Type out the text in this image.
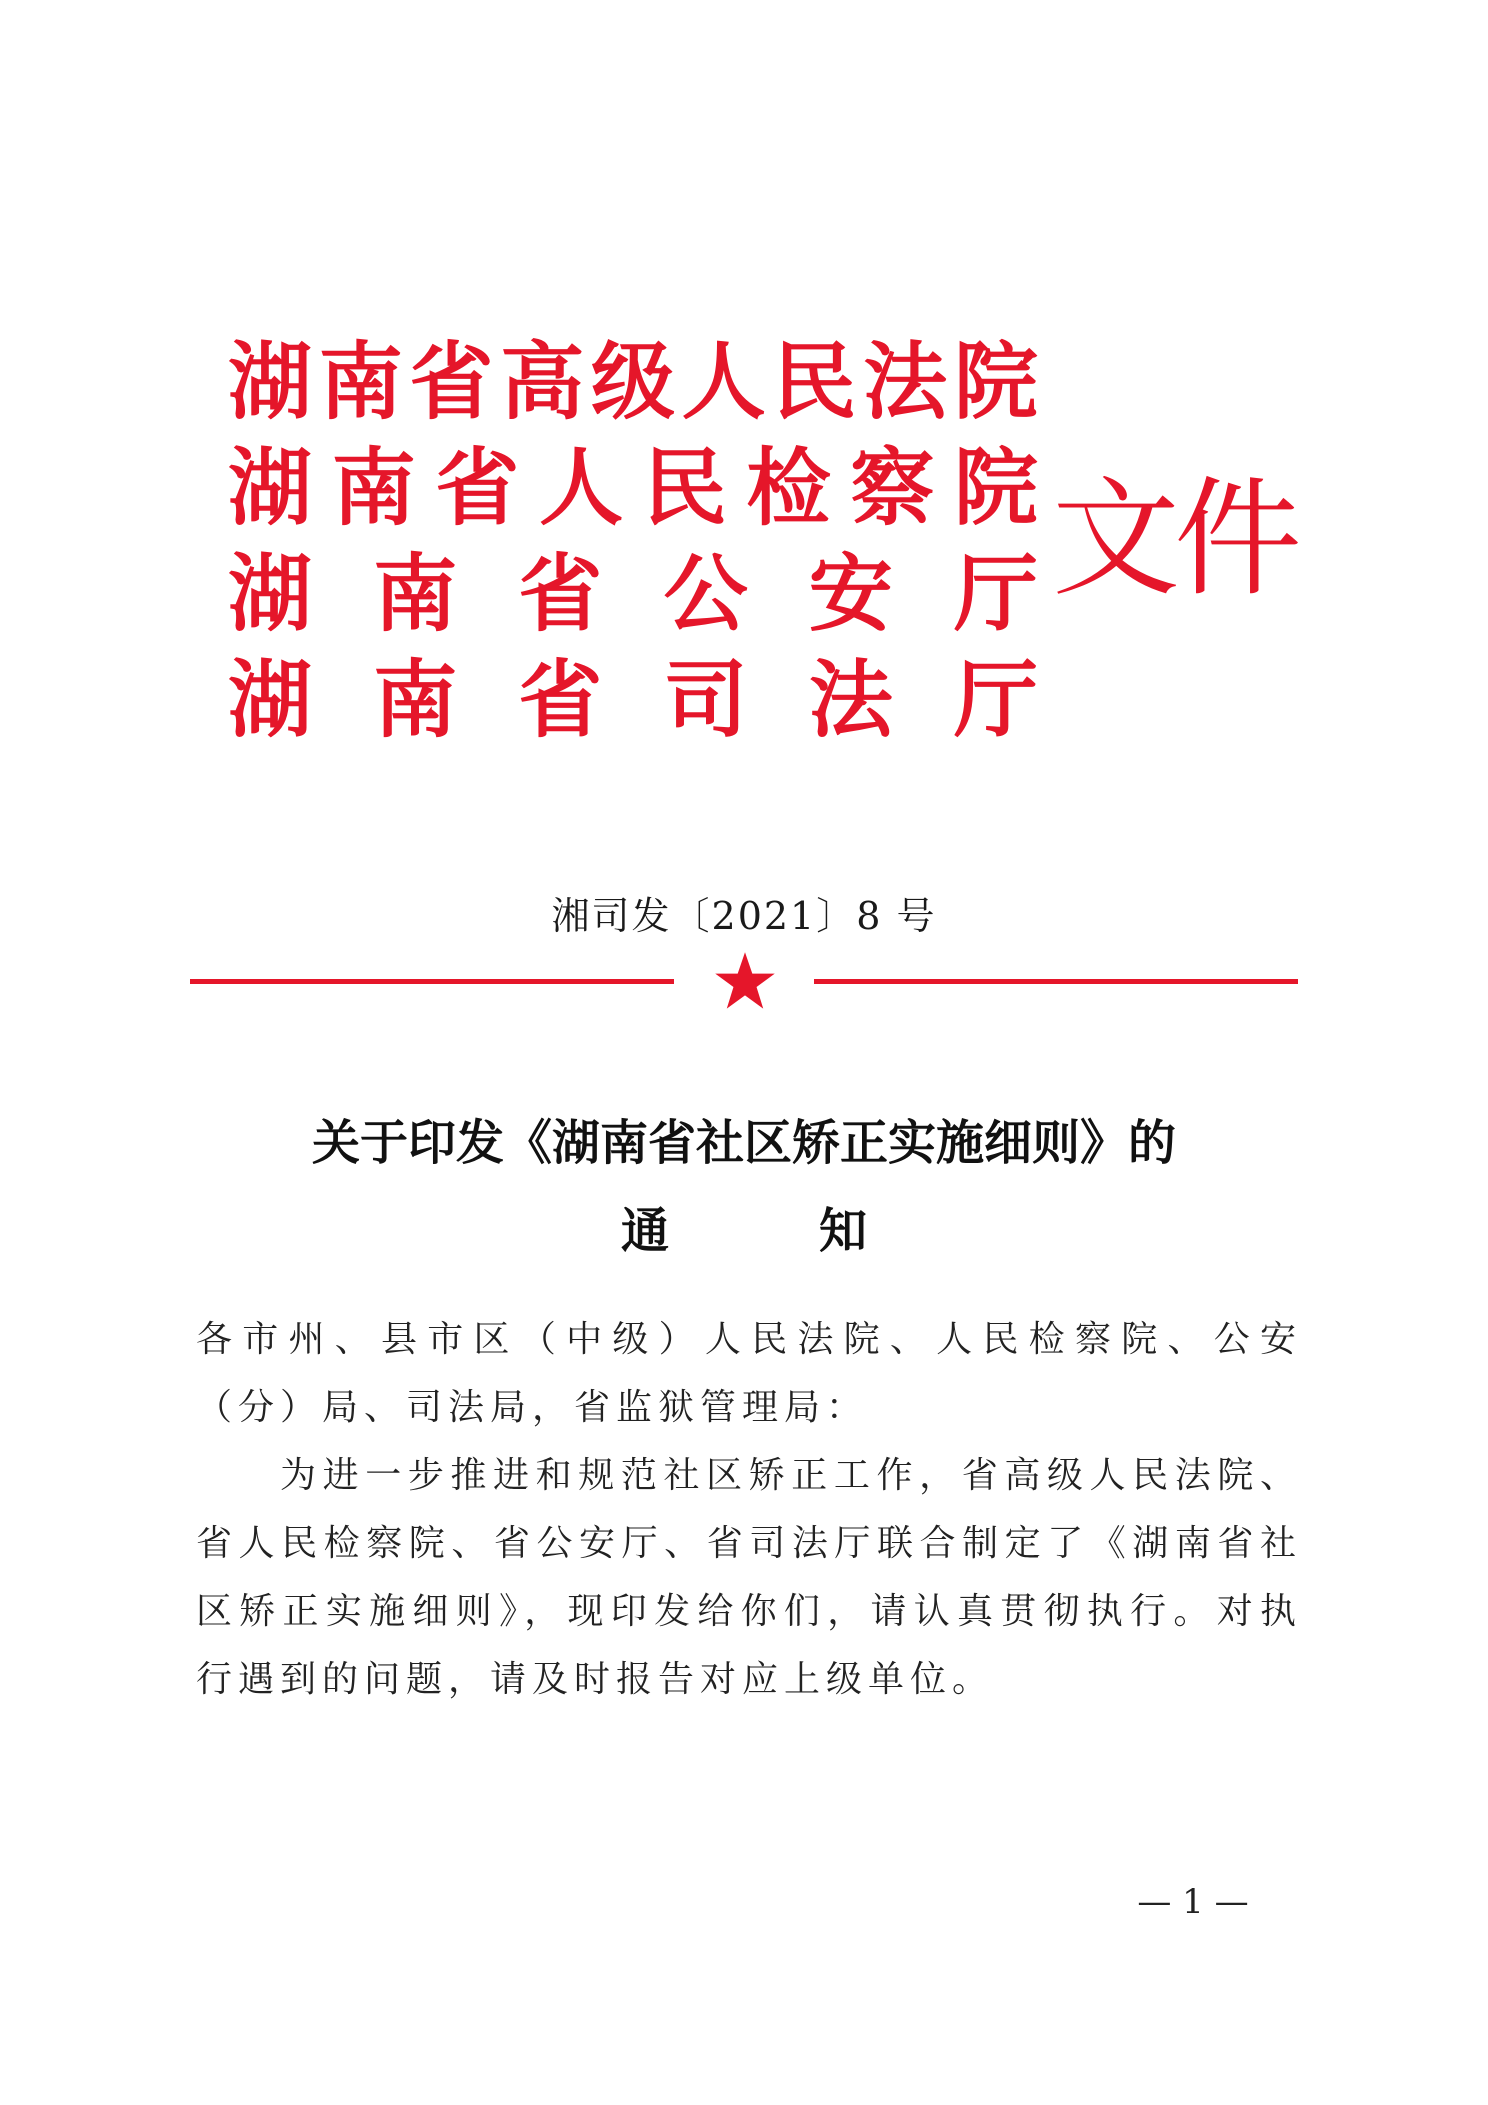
湖 南 省 高 级 人 民 法 院
湖 南 省 人 民 检 察 院
湖 南 省 公 安 厅
湖 南 省 司 法 厅
文件
湘司发〔2021〕8 号
关于印发《湖南省社区矫正实施细则》的
通	知
各市州、县市区（中级）人民法院、人民检察院、公安
（分）局、司法局，省监狱管理局：
为进一步推进和规范社区矫正工作，省高级人民法院、
省人民检察院、省公安厅、省司法厅联合制定了《湖南省社
区矫正实施细则》，现印发给你们，请认真贯彻执行。对执
行遇到的问题，请及时报告对应上级单位。
— 1 —
